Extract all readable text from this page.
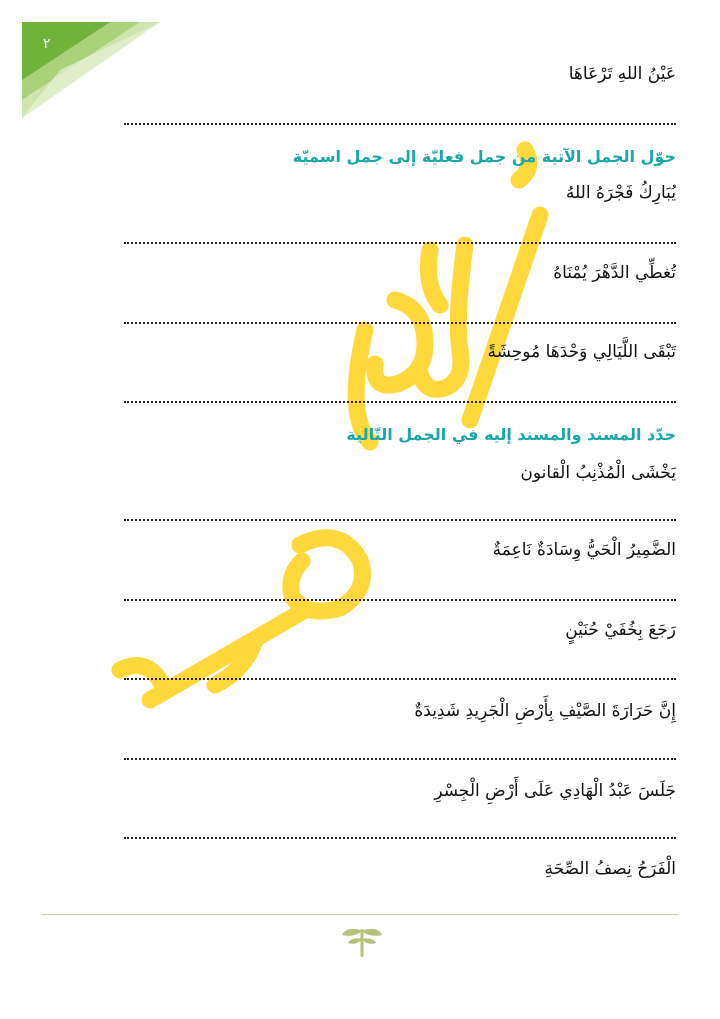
٢
عَيْنُ اللهِ تَرْعَاهَا
حوّل الجمل الآتية من جمل فعليّة إلى جمل اسميّة
يُبَارِكُ فَجْرَهُ اللهُ
تُغطِّي الدَّهْرَ يُمْنَاهُ
تَبْقَى اللَّيَالِي وَحْدَهَا مُوحِشَةً
حدّد المسند والمسند إليه في الجمل التّالية
يَخْشَى الْمُذْنِبُ الْقانون
الضَّمِيرُ الْحَيُّ وِسَادَةٌ نَاعِمَةٌ
رَجَعَ بِخُفَيْ حُنَيْنٍ
إِنَّ حَرَارَةَ الصَّيْفِ بِأَرْضِ الْجَرِيدِ شَدِيدَةٌ
جَلَسَ عَبْدُ الْهَادِي عَلَى أَرْضِ الْجِسْرِ
الْفَرَحُ نِصفُ الصِّحَةِ
